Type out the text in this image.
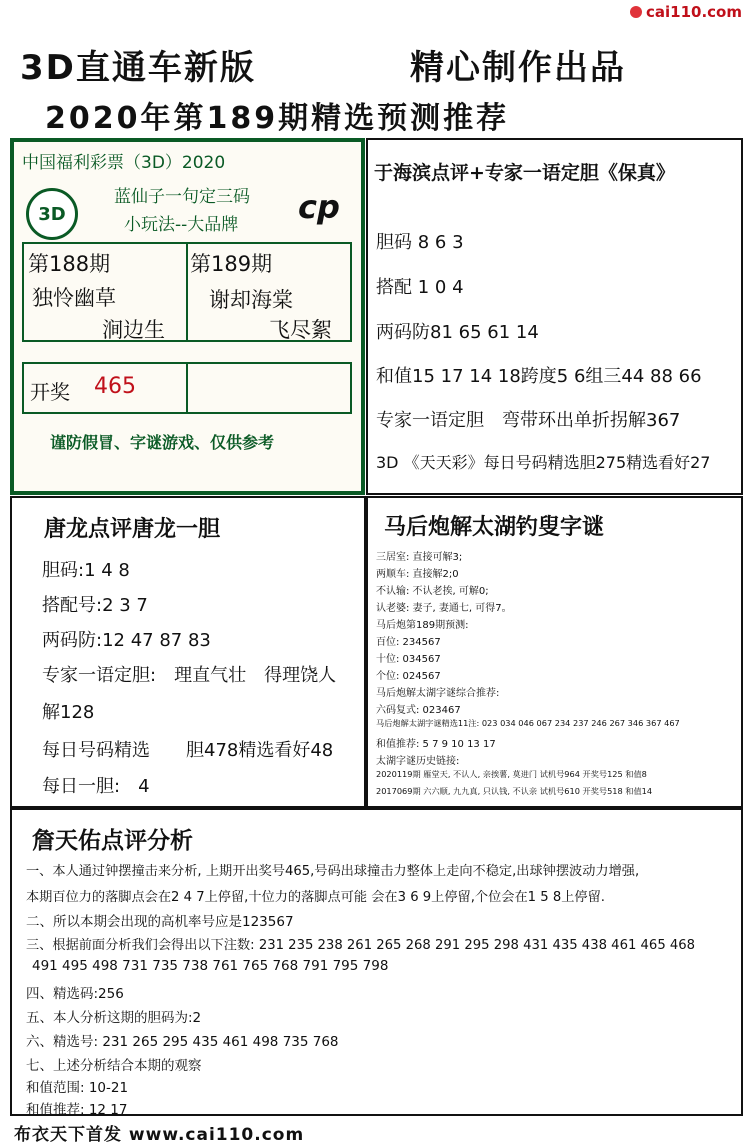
cai110.com
3D直通车新版	精心制作出品
2020年第189期精选预测推荐
中国福利彩票（3D）2020
3D
蓝仙子一句定三码
小玩法--大品牌 cp
第188期
独怜幽草
涧边生
第189期
谢却海棠
飞尽絮
开奖 465
谨防假冒、字谜游戏、仅供参考
于海滨点评+专家一语定胆《保真》
胆码 8 6 3
搭配 1 0 4
两码防81 65 61 14
和值15 17 14 18跨度5 6组三44 88 66
专家一语定胆　弯带环出单折拐解367
3D 《天天彩》每日号码精选胆275精选看好27
唐龙点评唐龙一胆
胆码:1 4 8
搭配号:2 3 7
两码防:12 47 87 83
专家一语定胆:　理直气壮　得理饶人
解128
每日号码精选　　胆478精选看好48
每日一胆:　4
马后炮解太湖钓叟字谜
三居室: 直接可解3;
两顺车: 直接解2;0
不认输: 不认老挨, 可解0;
认老婆: 妻子, 妻通七, 可得7。
马后炮第189期预测:
百位: 234567
十位: 034567
个位: 024567
马后炮解太湖字谜综合推荐:
六码复式: 023467
马后炮解太湖字谜精选11注: 023 034 046 067 234 237 246 267 346 367 467
和值推荐: 5 7 9 10 13 17
太湖字谜历史链接:
2020119期 雁堂天, 不认人, 亲挨薯, 莫进门 试机号964 开奖号125 和值8
2017069期 六六顺, 九九真, 只认钱, 不认亲 试机号610 开奖号518 和值14
詹天佑点评分析
一、本人通过钟摆撞击来分析, 上期开出奖号465,号码出球撞击力整体上走向不稳定,出球钟摆波动力增强,
本期百位力的落脚点会在2 4 7上停留,十位力的落脚点可能 会在3 6 9上停留,个位会在1 5 8上停留.
二、所以本期会出现的高机率号应是123567
三、根据前面分析我们会得出以下注数: 231 235 238 261 265 268 291 295 298 431 435 438 461 465 468
491 495 498 731 735 738 761 765 768 791 795 798
四、精选码:256
五、本人分析这期的胆码为:2
六、精选号: 231 265 295 435 461 498 735 768
七、上述分析结合本期的观察
和值范围: 10-21
和值推荐: 12 17
布衣天下首发 www.cai110.com
